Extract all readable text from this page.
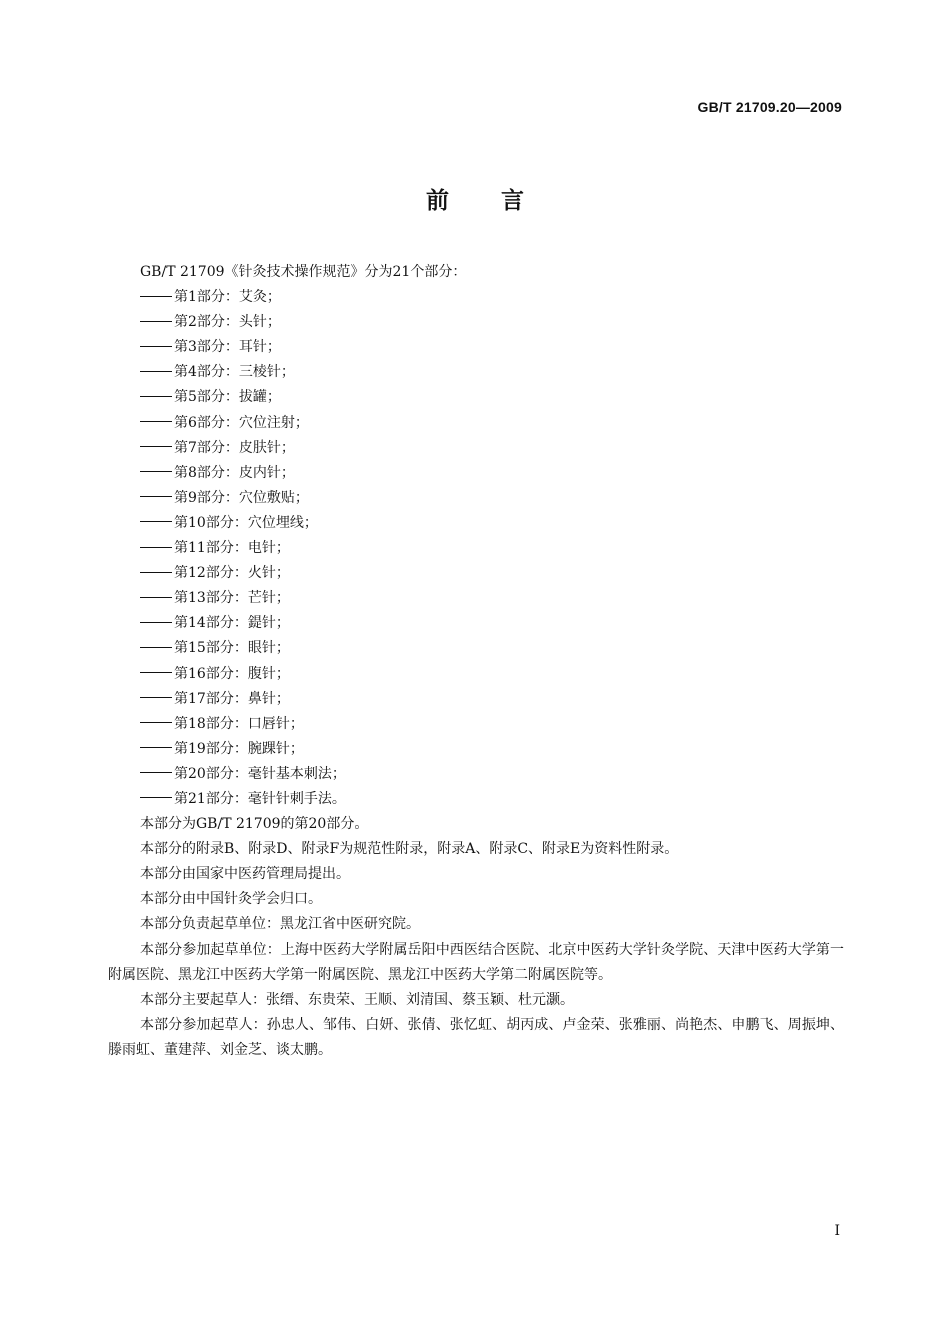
GB/T 21709.20—2009
前言

GB/T 21709《针灸技术操作规范》分为21个部分：

第1部分：艾灸；
第2部分：头针；
第3部分：耳针；
第4部分：三棱针；
第5部分：拔罐；
第6部分：穴位注射；
第7部分：皮肤针；
第8部分：皮内针；
第9部分：穴位敷贴；
第10部分：穴位埋线；
第11部分：电针；
第12部分：火针；
第13部分：芒针；
第14部分：鍉针；
第15部分：眼针；
第16部分：腹针；
第17部分：鼻针；
第18部分：口唇针；
第19部分：腕踝针；
第20部分：毫针基本刺法；
第21部分：毫针针刺手法。

本部分为GB/T 21709的第20部分。

本部分的附录B、附录D、附录F为规范性附录，附录A、附录C、附录E为资料性附录。

本部分由国家中医药管理局提出。

本部分由中国针灸学会归口。

本部分负责起草单位：黑龙江省中医研究院。

本部分参加起草单位：上海中医药大学附属岳阳中西医结合医院、北京中医药大学针灸学院、天津中医药大学第一附属医院、黑龙江中医药大学第一附属医院、黑龙江中医药大学第二附属医院等。

本部分主要起草人：张缙、东贵荣、王顺、刘清国、蔡玉颖、杜元灏。

本部分参加起草人：孙忠人、邹伟、白妍、张倩、张忆虹、胡丙成、卢金荣、张雅丽、尚艳杰、申鹏飞、周振坤、滕雨虹、董建萍、刘金芝、谈太鹏。

I
